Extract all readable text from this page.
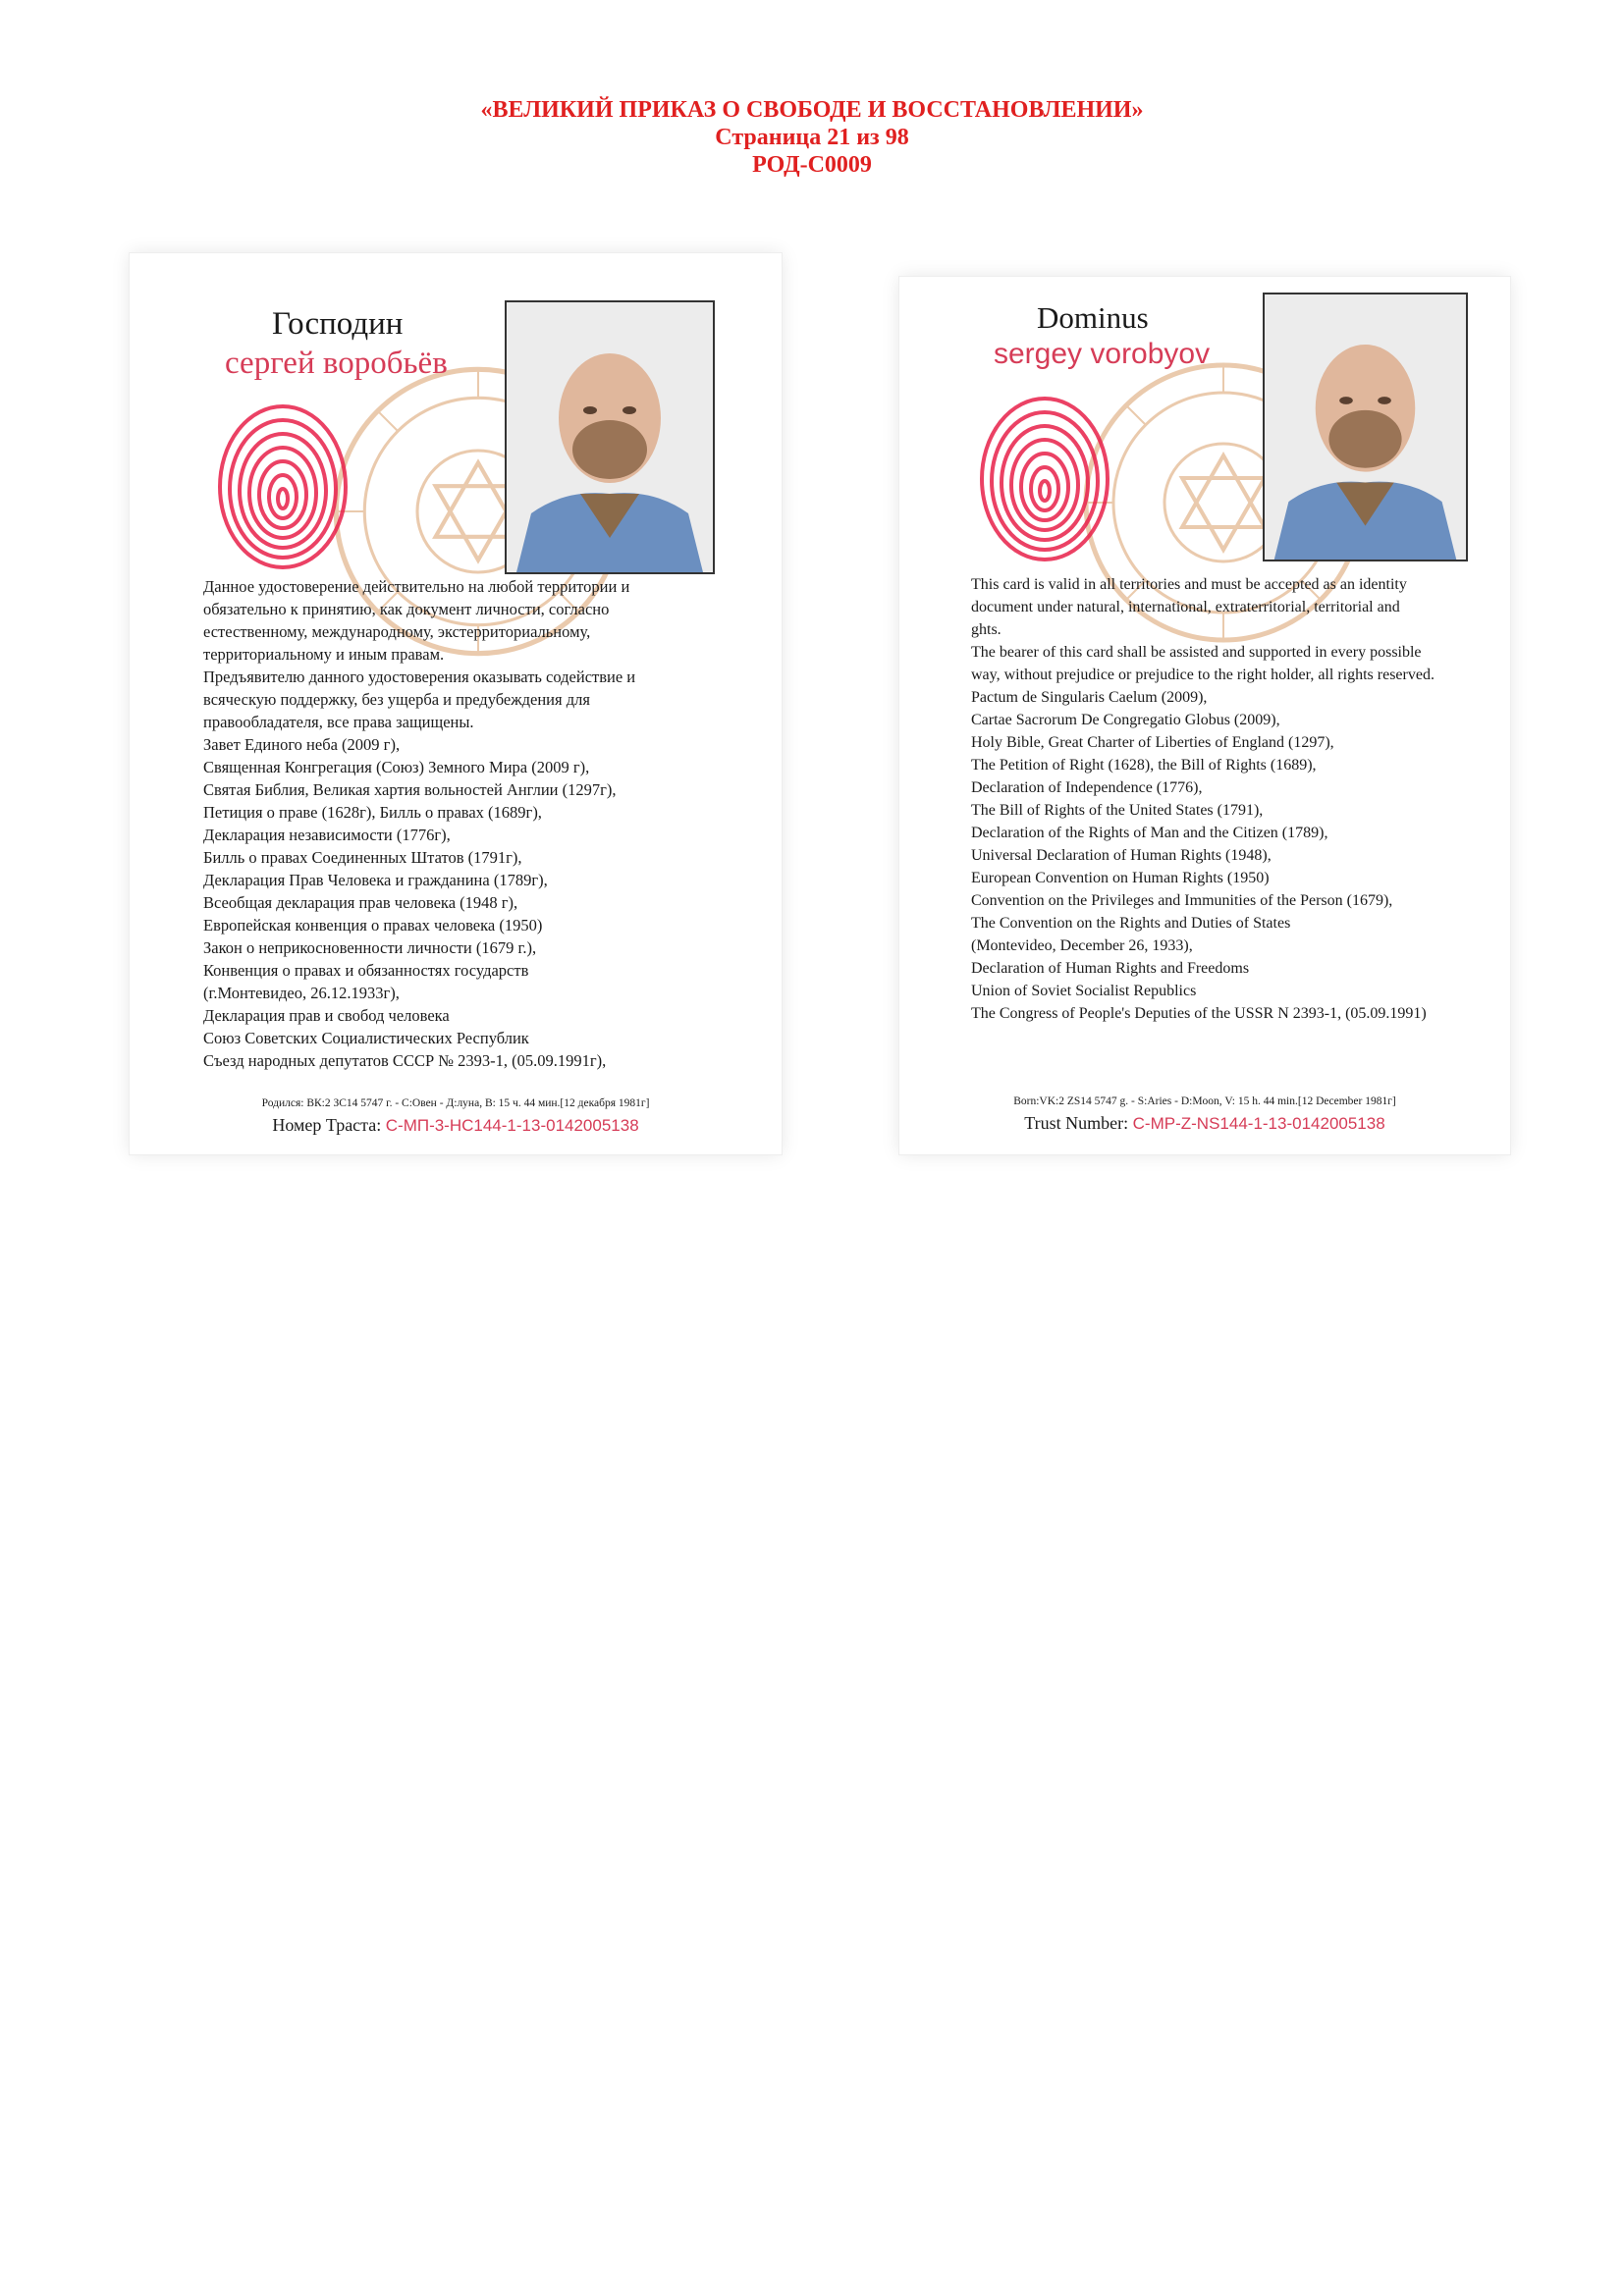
«ВЕЛИКИЙ ПРИКАЗ О СВОБОДЕ И ВОССТАНОВЛЕНИИ»
Страница 21 из 98
РОД-С0009
Господин
сергей воробьёв

Данное удостоверение действительно на любой территории и

обязательно к принятию, как документ личности, согласно

естественному, международному, экстерриториальному,

территориальному и иным правам.

Предъявителю данного удостоверения оказывать содействие и

всяческую поддержку, без ущерба и предубеждения для

правообладателя, все права защищены.

Завет Единого неба (2009 г),

Священная Конгрегация (Союз) Земного Мира (2009 г),

Святая Библия, Великая хартия вольностей Англии (1297г),

Петиция о праве (1628г), Билль о правах (1689г),

Декларация независимости (1776г),

Билль о правах Соединенных Штатов (1791г),

Декларация Прав Человека и гражданина (1789г),

Всеобщая декларация прав человека (1948 г),

Европейская конвенция о правах человека (1950)

Закон о неприкосновенности личности (1679 г.),

Конвенция о правах и обязанностях государств

(г.Монтевидео, 26.12.1933г),

Декларация прав и свобод человека

Союз Советских Социалистических Республик

Съезд народных депутатов СССР № 2393-1, (05.09.1991г),

Родился: ВК:2 ЗС14 5747 г. - С:Овен - Д:луна, В: 15 ч. 44 мин.[12 декабря 1981г]
Номер Траста: С-МП-3-НС144-1-13-0142005138
Dominus
sergey vorobyov

This card is valid in all territories and must be accepted as an identity

document under natural, international, extraterritorial, territorial and

ghts.

The bearer of this card shall be assisted and supported in every possible

way, without prejudice or prejudice to the right holder, all rights reserved.

Pactum de Singularis Caelum (2009),

Cartae Sacrorum De Congregatio Globus (2009),

Holy Bible, Great Charter of Liberties of England (1297),

The Petition of Right (1628), the Bill of Rights (1689),

Declaration of Independence (1776),

The Bill of Rights of the United States (1791),

Declaration of the Rights of Man and the Citizen (1789),

Universal Declaration of Human Rights (1948),

European Convention on Human Rights (1950)

Convention on the Privileges and Immunities of the Person (1679),

The Convention on the Rights and Duties of States

(Montevideo, December 26, 1933),

Declaration of Human Rights and Freedoms

Union of Soviet Socialist Republics

The Congress of People's Deputies of the USSR N 2393-1, (05.09.1991)

Born:VK:2 ZS14 5747 g. - S:Aries - D:Moon, V: 15 h. 44 min.[12 December 1981г]
Trust Number: C-MP-Z-NS144-1-13-0142005138
